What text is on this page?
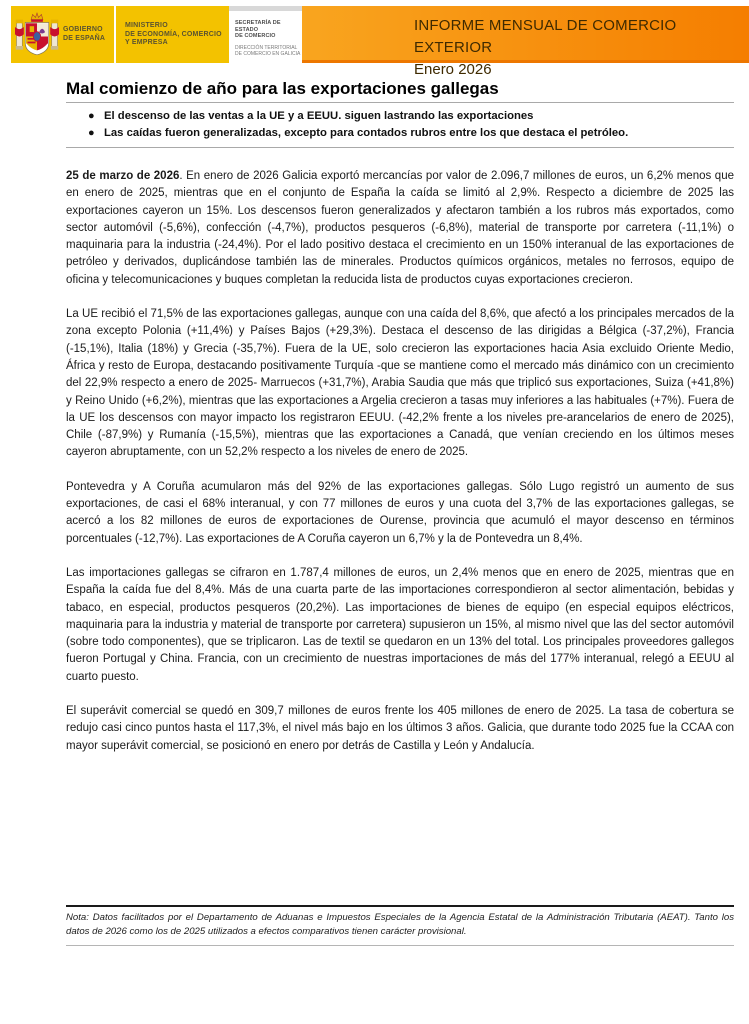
GOBIERNO
DE ESPAÑA
MINISTERIO
DE ECONOMÍA, COMERCIO
Y EMPRESA
SECRETARÍA DE ESTADO
DE COMERCIO
DIRECCIÓN TERRITORIAL
DE COMERCIO EN GALICIA
INFORME MENSUAL DE COMERCIO EXTERIOR
Enero 2026
Mal comienzo de año para las exportaciones gallegas
● El descenso de las ventas a la UE y a EEUU. siguen lastrando las exportaciones
● Las caídas fueron generalizadas, excepto para contados rubros entre los que destaca el petróleo.

25 de marzo de 2026. En enero de 2026 Galicia exportó mercancías por valor de 2.096,7 millones de euros, un 6,2% menos que en enero de 2025, mientras que en el conjunto de España la caída se limitó al 2,9%. Respecto a diciembre de 2025 las exportaciones cayeron un 15%. Los descensos fueron generalizados y afectaron también a los rubros más exportados, como sector automóvil (-5,6%), confección (-4,7%), productos pesqueros (-6,8%), material de transporte por carretera (-11,1%) o maquinaria para la industria (-24,4%). Por el lado positivo destaca el crecimiento en un 150% interanual de las exportaciones de petróleo y derivados, duplicándose también las de minerales. Productos químicos orgánicos, metales no ferrosos, equipo de oficina y telecomunicaciones y buques completan la reducida lista de productos cuyas exportaciones crecieron.

La UE recibió el 71,5% de las exportaciones gallegas, aunque con una caída del 8,6%, que afectó a los principales mercados de la zona excepto Polonia (+11,4%) y Países Bajos (+29,3%). Destaca el descenso de las dirigidas a Bélgica (-37,2%), Francia (-15,1%), Italia (18%) y Grecia (-35,7%). Fuera de la UE, solo crecieron las exportaciones hacia Asia excluido Oriente Medio, África y resto de Europa, destacando positivamente Turquía -que se mantiene como el mercado más dinámico con un crecimiento del 22,9% respecto a enero de 2025- Marruecos (+31,7%), Arabia Saudia que más que triplicó sus exportaciones, Suiza (+41,8%) y Reino Unido (+6,2%), mientras que las exportaciones a Argelia crecieron a tasas muy inferiores a las habituales (+7%). Fuera de la UE los descensos con mayor impacto los registraron EEUU. (-42,2% frente a los niveles pre-arancelarios de enero de 2025), Chile (-87,9%) y Rumanía (-15,5%), mientras que las exportaciones a Canadá, que venían creciendo en los últimos meses cayeron abruptamente, con un 52,2% respecto a los niveles de enero de 2025.

Pontevedra y A Coruña acumularon más del 92% de las exportaciones gallegas. Sólo Lugo registró un aumento de sus exportaciones, de casi el 68% interanual, y con 77 millones de euros y una cuota del 3,7% de las exportaciones gallegas, se acercó a los 82 millones de euros de exportaciones de Ourense, provincia que acumuló el mayor descenso en términos porcentuales (-12,7%). Las exportaciones de A Coruña cayeron un 6,7% y la de Pontevedra un 8,4%.

Las importaciones gallegas se cifraron en 1.787,4 millones de euros, un 2,4% menos que en enero de 2025, mientras que en España la caída fue del 8,4%. Más de una cuarta parte de las importaciones correspondieron al sector alimentación, bebidas y tabaco, en especial, productos pesqueros (20,2%). Las importaciones de bienes de equipo (en especial equipos eléctricos, maquinaria para la industria y material de transporte por carretera) supusieron un 15%, al mismo nivel que las del sector automóvil (sobre todo componentes), que se triplicaron. Las de textil se quedaron en un 13% del total. Los principales proveedores gallegos fueron Portugal y China. Francia, con un crecimiento de nuestras importaciones de más del 177% interanual, relegó a EEUU al cuarto puesto.

El superávit comercial se quedó en 309,7 millones de euros frente los 405 millones de enero de 2025. La tasa de cobertura se redujo casi cinco puntos hasta el 117,3%, el nivel más bajo en los últimos 3 años. Galicia, que durante todo 2025 fue la CCAA con mayor superávit comercial, se posicionó en enero por detrás de Castilla y León y Andalucía.

Nota: Datos facilitados por el Departamento de Aduanas e Impuestos Especiales de la Agencia Estatal de la Administración Tributaria (AEAT). Tanto los datos de 2026 como los de 2025 utilizados a efectos comparativos tienen carácter provisional.
